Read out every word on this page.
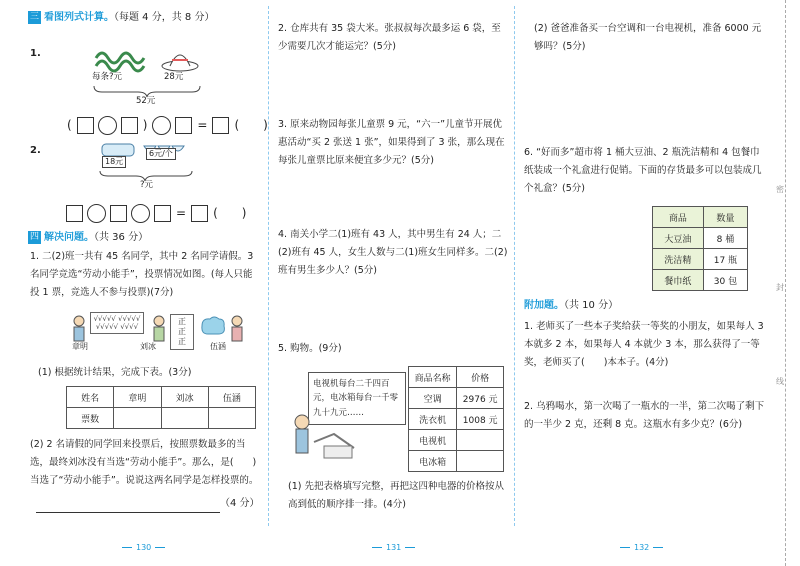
三 看图列式计算。（每题 4 分，共 8 分）
1.
每条?元	28元
52元
(	)	= (　　)
2.
18元
6元/个
?元
= (　　)
四 解决问题。（共 36 分）
1. 二(2)班一共有 45 名同学，其中 2 名同学请假。3 名同学竞选“劳动小能手”，投票情况如图。(每人只能投 1 票，竞选人不参与投票)(7分)
√√√√√ √√√√√ √√√√√ √√√√
正 正 正
章明	刘冰	伍涵
(1) 根据统计结果，完成下表。(3分)
姓名	章明	刘冰	伍涵
票数			
(2) 2 名请假的同学回来投票后，按照票数最多的当选，最终刘冰没有当选“劳动小能手”。那么，是(　　)当选了“劳动小能手”。说说这两名同学是怎样投票的。
（4 分）
130
2. 仓库共有 35 袋大米。张叔叔每次最多运 6 袋，至少需要几次才能运完？(5分)
3. 原来动物园每张儿童票 9 元，“六一”儿童节开展优惠活动“买 2 张送 1 张”，如果得到了 3 张，那么现在每张儿童票比原来便宜多少元？(5分)
4. 南关小学二(1)班有 43 人，其中男生有 24 人；二(2)班有 45 人，女生人数与二(1)班女生同样多。二(2)班有男生多少人？(5分)
5. 购物。(9分)
电视机每台二千四百元，电冰箱每台一千零九十九元……
商品名称	价格
空调	2976 元
洗衣机	1008 元
电视机	
电冰箱	
(1) 先把表格填写完整，再把这四种电器的价格按从高到低的顺序排一排。(4分)
131
(2) 爸爸准备买一台空调和一台电视机，准备 6000 元够吗？(5分)
6. “好而多”超市将 1 桶大豆油、2 瓶洗洁精和 4 包餐巾纸装成一个礼盒进行促销。下面的存货最多可以包装成几个礼盒？(5分)
商品	数量
大豆油	8 桶
洗洁精	17 瓶
餐巾纸	30 包
附加题。（共 10 分）
1. 老师买了一些本子奖给获一等奖的小朋友，如果每人 3 本就多 2 本，如果每人 4 本就少 3 本，那么获得了一等奖，老师买了(　　)本本子。(4分)
2. 乌鸦喝水，第一次喝了一瓶水的一半，第二次喝了剩下的一半少 2 克，还剩 8 克。这瓶水有多少克？(6分)
132
密
封
线
